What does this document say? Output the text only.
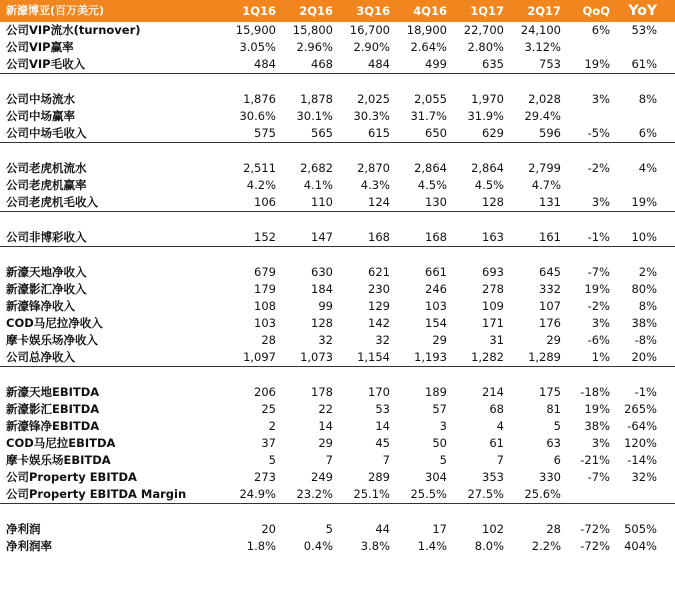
新濠博亚(百万美元)	1Q16	2Q16	3Q16	4Q16	1Q17	2Q17	QoQ	YoY
公司VIP流水(turnover)	15,900	15,800	16,700	18,900	22,700	24,100	6%	53%
公司VIP赢率	3.05%	2.96%	2.90%	2.64%	2.80%	3.12%
公司VIP毛收入	484	468	484	499	635	753	19%	61%
公司中场流水	1,876	1,878	2,025	2,055	1,970	2,028	3%	8%
公司中场赢率	30.6%	30.1%	30.3%	31.7%	31.9%	29.4%
公司中场毛收入	575	565	615	650	629	596	-5%	6%
公司老虎机流水	2,511	2,682	2,870	2,864	2,864	2,799	-2%	4%
公司老虎机赢率	4.2%	4.1%	4.3%	4.5%	4.5%	4.7%
公司老虎机毛收入	106	110	124	130	128	131	3%	19%
公司非博彩收入	152	147	168	168	163	161	-1%	10%
新濠天地净收入	679	630	621	661	693	645	-7%	2%
新濠影汇净收入	179	184	230	246	278	332	19%	80%
新濠锋净收入	108	99	129	103	109	107	-2%	8%
COD马尼拉净收入	103	128	142	154	171	176	3%	38%
摩卡娱乐场净收入	28	32	32	29	31	29	-6%	-8%
公司总净收入	1,097	1,073	1,154	1,193	1,282	1,289	1%	20%
新濠天地EBITDA	206	178	170	189	214	175	-18%	-1%
新濠影汇EBITDA	25	22	53	57	68	81	19%	265%
新濠锋净EBITDA	2	14	14	3	4	5	38%	-64%
COD马尼拉EBITDA	37	29	45	50	61	63	3%	120%
摩卡娱乐场EBITDA	5	7	7	5	7	6	-21%	-14%
公司Property EBITDA	273	249	289	304	353	330	-7%	32%
公司Property EBITDA Margin	24.9%	23.2%	25.1%	25.5%	27.5%	25.6%
净利润	20	5	44	17	102	28	-72%	505%
净利润率	1.8%	0.4%	3.8%	1.4%	8.0%	2.2%	-72%	404%
